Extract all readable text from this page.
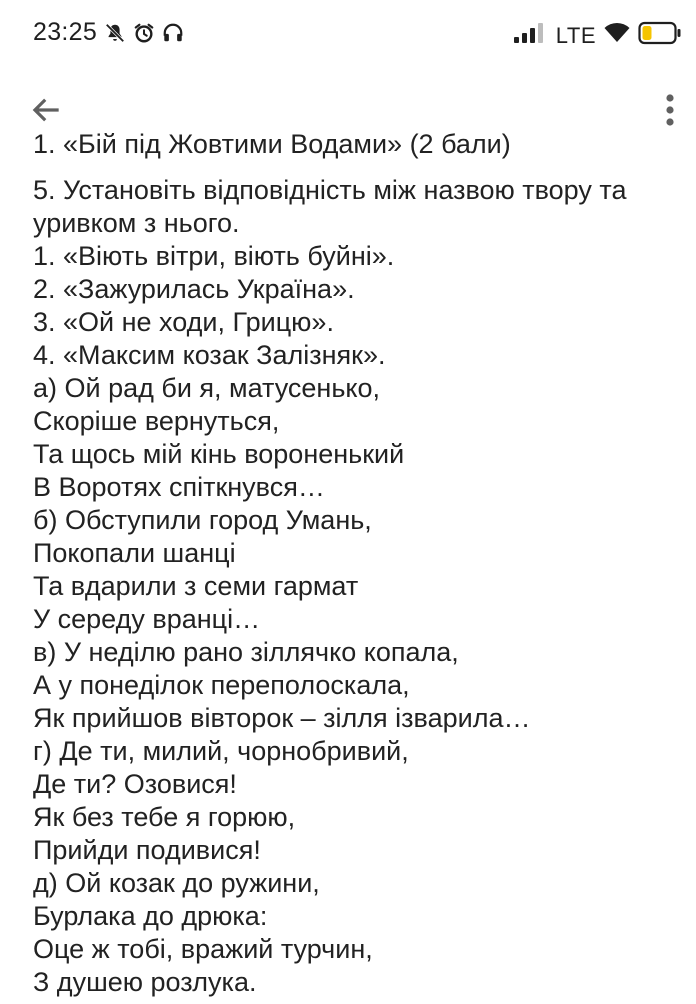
23:25	LTE
1. «Бій під Жовтими Водами» (2 бали)
5. Установіть відповідність між назвою твору та
уривком з нього.
1. «Віють вітри, віють буйні».
2. «Зажурилась Україна».
3. «Ой не ходи, Грицю».
4. «Максим козак Залізняк».
а) Ой рад би я, матусенько,
Скоріше вернуться,
Та щось мій кінь вороненький
В Воротях спіткнувся…
б) Обступили город Умань,
Покопали шанці
Та вдарили з семи гармат
У середу вранці…
в) У неділю рано зіллячко копала,
А у понеділок переполоскала,
Як прийшов вівторок – зілля ізварила…
г) Де ти, милий, чорнобривий,
Де ти? Озовися!
Як без тебе я горюю,
Прийди подивися!
д) Ой козак до ружини,
Бурлака до дрюка:
Оце ж тобі, вражий турчин,
З душею розлука.
